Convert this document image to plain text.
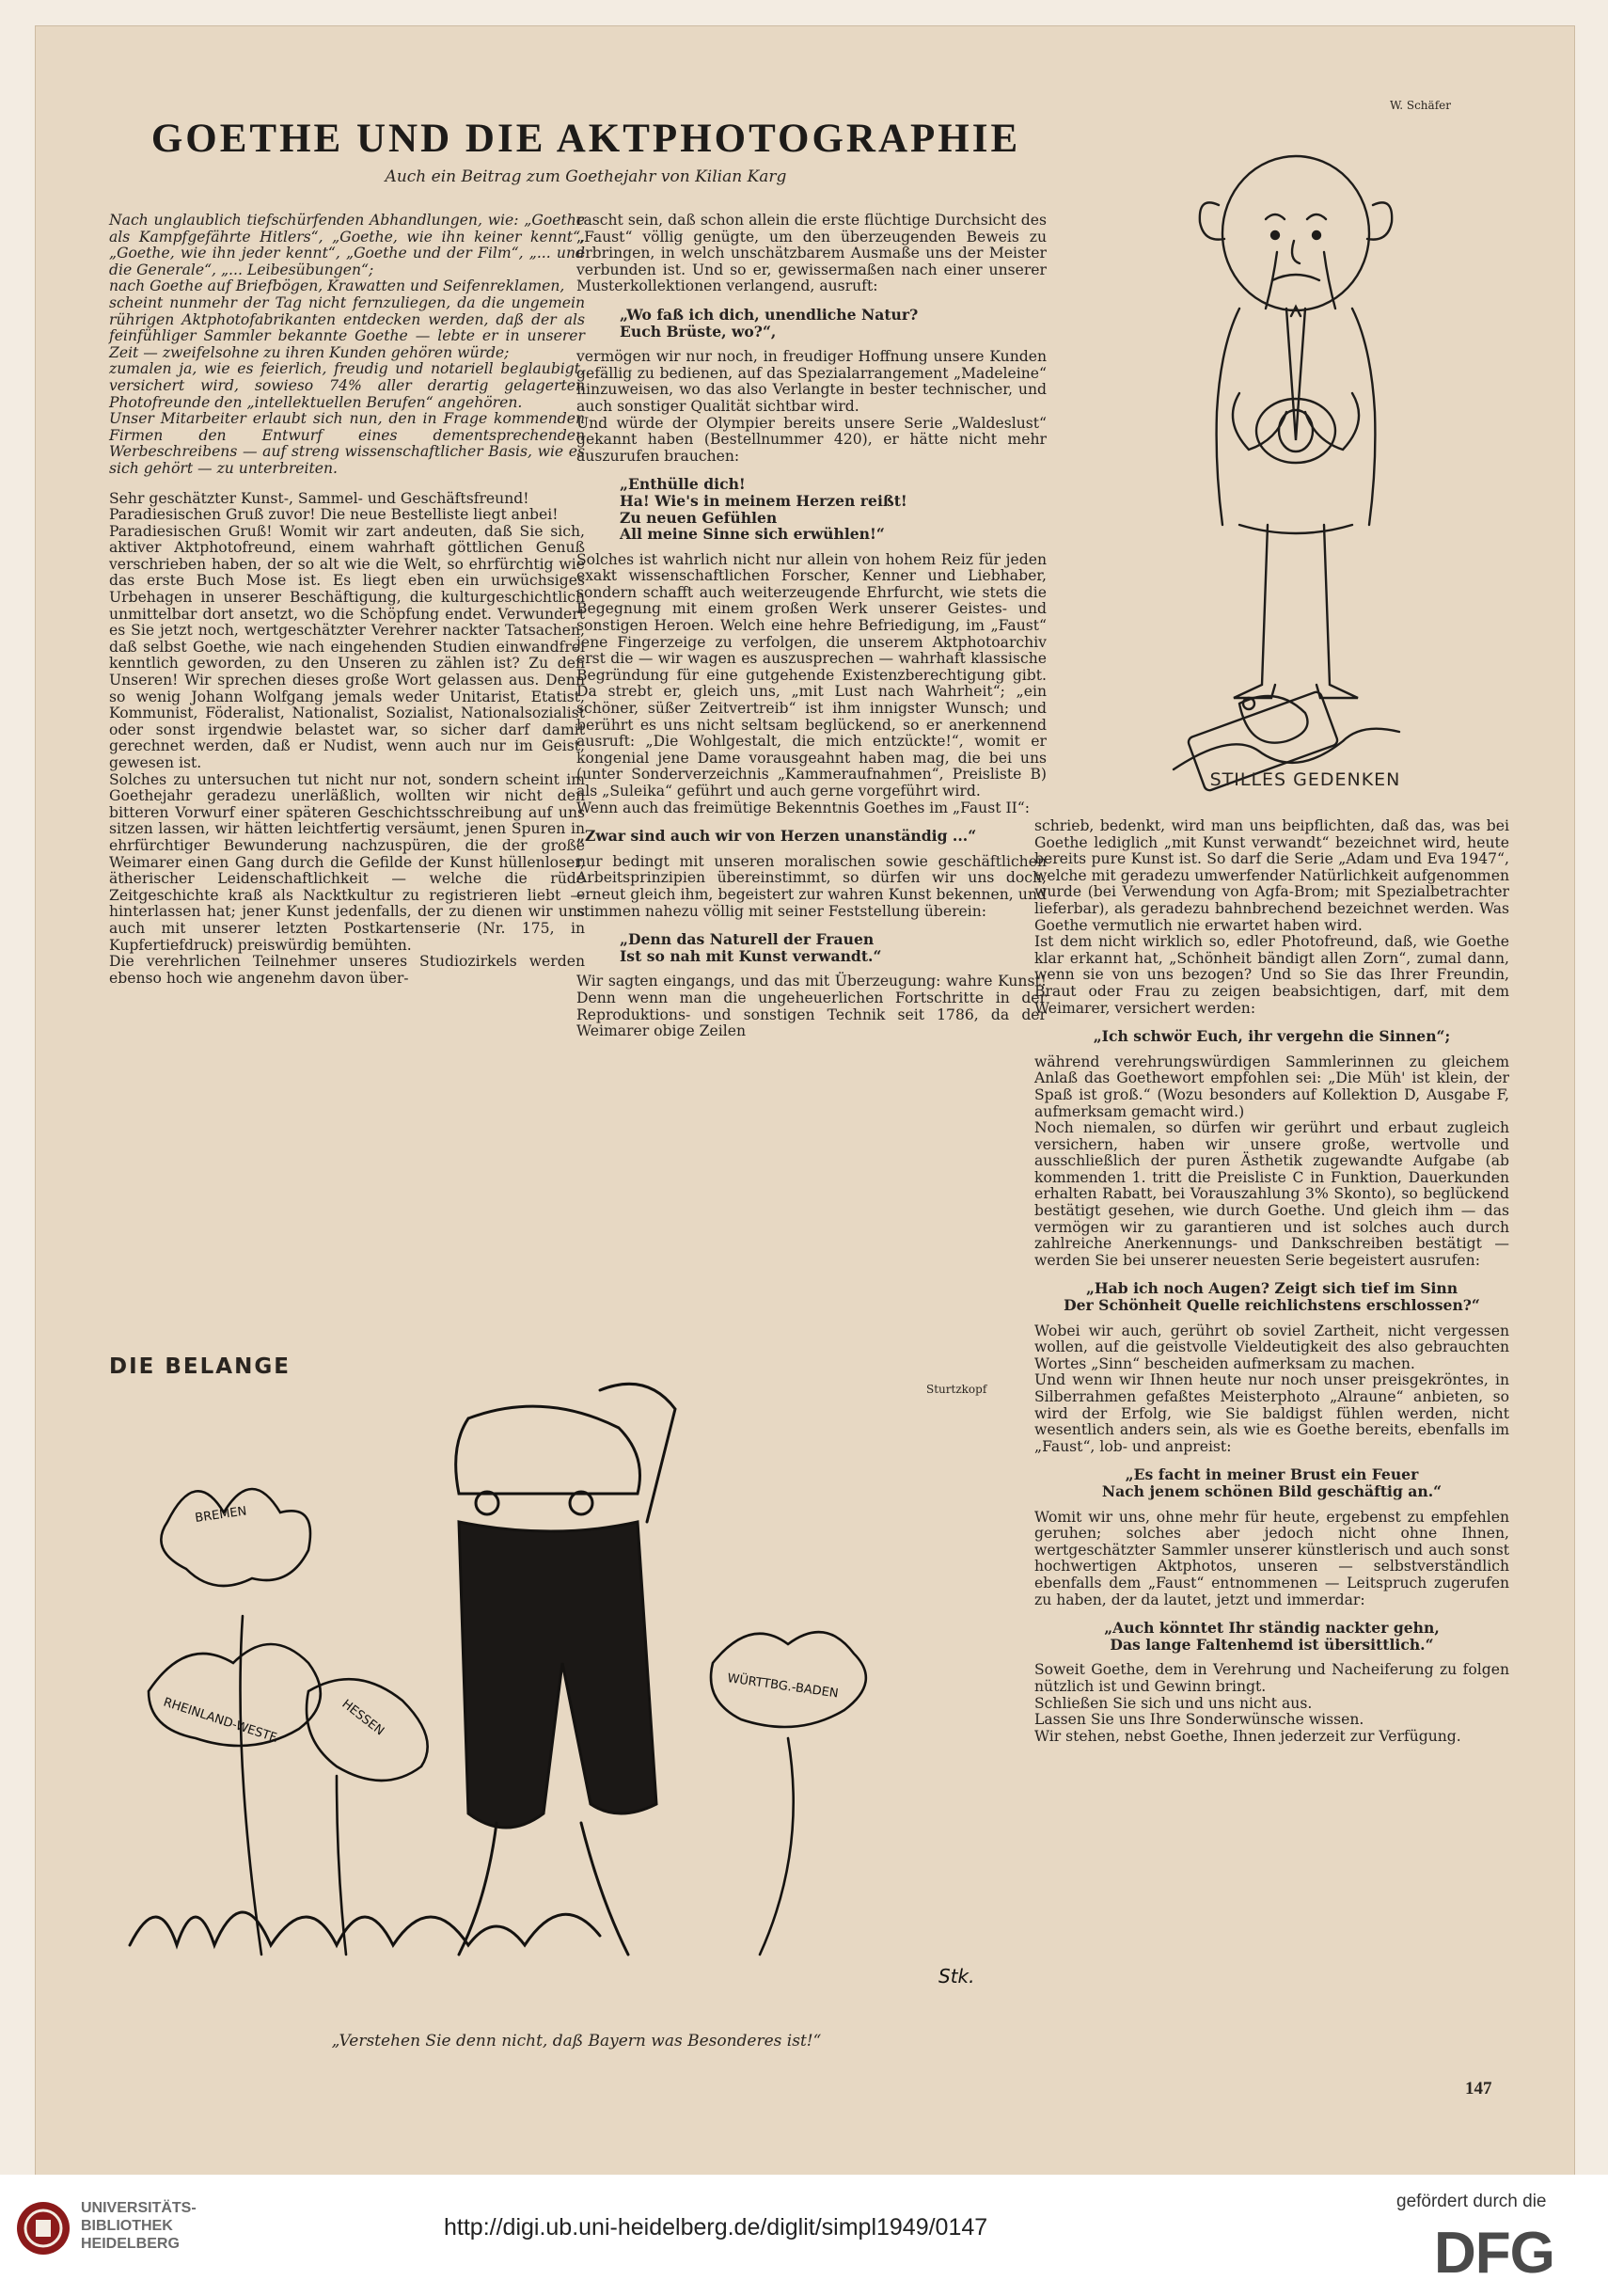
GOETHE UND DIE AKTPHOTOGRAPHIE
Auch ein Beitrag zum Goethejahr von Kilian Karg

Nach unglaublich tiefschürfenden Abhandlungen, wie: „Goethe als Kampfgefährte Hitlers“, „Goethe, wie ihn keiner kennt“, „Goethe, wie ihn jeder kennt“, „Goethe und der Film“, „... und die Generale“, „... Leibesübungen“;

nach Goethe auf Briefbögen, Krawatten und Seifenreklamen,

scheint nunmehr der Tag nicht fernzuliegen, da die ungemein rührigen Aktphotofabrikanten entdecken werden, daß der als feinfühliger Sammler bekannte Goethe — lebte er in unserer Zeit — zweifelsohne zu ihren Kunden gehören würde;

zumalen ja, wie es feierlich, freudig und notariell beglaubigt, versichert wird, sowieso 74% aller derartig gelagerten Photofreunde den „intellektuellen Berufen“ angehören.

Unser Mitarbeiter erlaubt sich nun, den in Frage kommenden Firmen den Entwurf eines dementsprechenden Werbeschreibens — auf streng wissenschaftlicher Basis, wie es sich gehört — zu unterbreiten.

Sehr geschätzter Kunst-, Sammel- und Geschäftsfreund!

Paradiesischen Gruß zuvor! Die neue Bestelliste liegt anbei!

Paradiesischen Gruß! Womit wir zart andeuten, daß Sie sich, aktiver Aktphotofreund, einem wahrhaft göttlichen Genuß verschrieben haben, der so alt wie die Welt, so ehrfürchtig wie das erste Buch Mose ist. Es liegt eben ein urwüchsiges Urbehagen in unserer Beschäftigung, die kulturgeschichtlich unmittelbar dort ansetzt, wo die Schöpfung endet. Verwundert es Sie jetzt noch, wertgeschätzter Verehrer nackter Tatsachen, daß selbst Goethe, wie nach eingehenden Studien einwandfrei kenntlich geworden, zu den Unseren zu zählen ist? Zu den Unseren! Wir sprechen dieses große Wort gelassen aus. Denn so wenig Johann Wolfgang jemals weder Unitarist, Etatist, Kommunist, Föderalist, Nationalist, Sozialist, Nationalsozialist oder sonst irgendwie belastet war, so sicher darf damit gerechnet werden, daß er Nudist, wenn auch nur im Geist, gewesen ist.

Solches zu untersuchen tut nicht nur not, sondern scheint im Goethejahr geradezu unerläßlich, wollten wir nicht den bitteren Vorwurf einer späteren Geschichtsschreibung auf uns sitzen lassen, wir hätten leichtfertig versäumt, jenen Spuren in ehrfürchtiger Bewunderung nachzuspüren, die der große Weimarer einen Gang durch die Gefilde der Kunst hüllenloser, ätherischer Leidenschaftlichkeit — welche die rüde Zeitgeschichte kraß als Nacktkultur zu registrieren liebt — hinterlassen hat; jener Kunst jedenfalls, der zu dienen wir uns auch mit unserer letzten Postkartenserie (Nr. 175, in Kupfertiefdruck) preiswürdig bemühten.

Die verehrlichen Teilnehmer unseres Studiozirkels werden ebenso hoch wie angenehm davon über-

rascht sein, daß schon allein die erste flüchtige Durchsicht des „Faust“ völlig genügte, um den überzeugenden Beweis zu erbringen, in welch unschätzbarem Ausmaße uns der Meister verbunden ist. Und so er, gewissermaßen nach einer unserer Musterkollektionen verlangend, ausruft:

„Wo faß ich dich, unendliche Natur?
Euch Brüste, wo?“,

vermögen wir nur noch, in freudiger Hoffnung unsere Kunden gefällig zu bedienen, auf das Spezialarrangement „Madeleine“ hinzuweisen, wo das also Verlangte in bester technischer, und auch sonstiger Qualität sichtbar wird.

Und würde der Olympier bereits unsere Serie „Waldeslust“ gekannt haben (Bestellnummer 420), er hätte nicht mehr auszurufen brauchen:

„Enthülle dich!
Ha! Wie's in meinem Herzen reißt!
Zu neuen Gefühlen
All meine Sinne sich erwühlen!“

Solches ist wahrlich nicht nur allein von hohem Reiz für jeden exakt wissenschaftlichen Forscher, Kenner und Liebhaber, sondern schafft auch weiterzeugende Ehrfurcht, wie stets die Begegnung mit einem großen Werk unserer Geistes- und sonstigen Heroen. Welch eine hehre Befriedigung, im „Faust“ jene Fingerzeige zu verfolgen, die unserem Aktphotoarchiv erst die — wir wagen es auszusprechen — wahrhaft klassische Begründung für eine gutgehende Existenzberechtigung gibt. Da strebt er, gleich uns, „mit Lust nach Wahrheit“; „ein schöner, süßer Zeitvertreib“ ist ihm innigster Wunsch; und berührt es uns nicht seltsam beglückend, so er anerkennend ausruft: „Die Wohlgestalt, die mich entzückte!“, womit er kongenial jene Dame vorausgeahnt haben mag, die bei uns (unter Sonderverzeichnis „Kammeraufnahmen“, Preisliste B) als „Suleika“ geführt und auch gerne vorgeführt wird.

Wenn auch das freimütige Bekenntnis Goethes im „Faust II“:

„Zwar sind auch wir von Herzen unanständig ...“

nur bedingt mit unseren moralischen sowie geschäftlichen Arbeitsprinzipien übereinstimmt, so dürfen wir uns doch, erneut gleich ihm, begeistert zur wahren Kunst bekennen, und stimmen nahezu völlig mit seiner Feststellung überein:

„Denn das Naturell der Frauen
Ist so nah mit Kunst verwandt.“

Wir sagten eingangs, und das mit Überzeugung: wahre Kunst! Denn wenn man die ungeheuerlichen Fortschritte in der Reproduktions- und sonstigen Technik seit 1786, da der Weimarer obige Zeilen

W. Schäfer
STILLES GEDENKEN

schrieb, bedenkt, wird man uns beipflichten, daß das, was bei Goethe lediglich „mit Kunst verwandt“ bezeichnet wird, heute bereits pure Kunst ist. So darf die Serie „Adam und Eva 1947“, welche mit geradezu umwerfender Natürlichkeit aufgenommen wurde (bei Verwendung von Agfa-Brom; mit Spezialbetrachter lieferbar), als geradezu bahnbrechend bezeichnet werden. Was Goethe vermutlich nie erwartet haben wird.

Ist dem nicht wirklich so, edler Photofreund, daß, wie Goethe klar erkannt hat, „Schönheit bändigt allen Zorn“, zumal dann, wenn sie von uns bezogen? Und so Sie das Ihrer Freundin, Braut oder Frau zu zeigen beabsichtigen, darf, mit dem Weimarer, versichert werden:

„Ich schwör Euch, ihr vergehn die Sinnen“;

während verehrungswürdigen Sammlerinnen zu gleichem Anlaß das Goethewort empfohlen sei: „Die Müh' ist klein, der Spaß ist groß.“ (Wozu besonders auf Kollektion D, Ausgabe F, aufmerksam gemacht wird.)

Noch niemalen, so dürfen wir gerührt und erbaut zugleich versichern, haben wir unsere große, wertvolle und ausschließlich der puren Ästhetik zugewandte Aufgabe (ab kommenden 1. tritt die Preisliste C in Funktion, Dauerkunden erhalten Rabatt, bei Vorauszahlung 3% Skonto), so beglückend bestätigt gesehen, wie durch Goethe. Und gleich ihm — das vermögen wir zu garantieren und ist solches auch durch zahlreiche Anerkennungs- und Dankschreiben bestätigt — werden Sie bei unserer neuesten Serie begeistert ausrufen:

„Hab ich noch Augen? Zeigt sich tief im Sinn
Der Schönheit Quelle reichlichstens erschlossen?“

Wobei wir auch, gerührt ob soviel Zartheit, nicht vergessen wollen, auf die geistvolle Vieldeutigkeit des also gebrauchten Wortes „Sinn“ bescheiden aufmerksam zu machen.

Und wenn wir Ihnen heute nur noch unser preisgekröntes, in Silberrahmen gefaßtes Meisterphoto „Alraune“ anbieten, so wird der Erfolg, wie Sie baldigst fühlen werden, nicht wesentlich anders sein, als wie es Goethe bereits, ebenfalls im „Faust“, lob- und anpreist:

„Es facht in meiner Brust ein Feuer
Nach jenem schönen Bild geschäftig an.“

Womit wir uns, ohne mehr für heute, ergebenst zu empfehlen geruhen; solches aber jedoch nicht ohne Ihnen, wertgeschätzter Sammler unserer künstlerisch und auch sonst hochwertigen Aktphotos, unseren — selbstverständlich ebenfalls dem „Faust“ entnommenen — Leitspruch zugerufen zu haben, der da lautet, jetzt und immerdar:

„Auch könntet Ihr ständig nackter gehn,
Das lange Faltenhemd ist übersittlich.“

Soweit Goethe, dem in Verehrung und Nacheiferung zu folgen nützlich ist und Gewinn bringt.

Schließen Sie sich und uns nicht aus.

Lassen Sie uns Ihre Sonderwünsche wissen.

Wir stehen, nebst Goethe, Ihnen jederzeit zur Verfügung.

DIE BELANGE
Sturtzkopf
BREMEN
RHEINLAND-WESTF.	HESSEN
WÜRTTBG.-BADEN
Stk.
„Verstehen Sie denn nicht, daß Bayern was Besonderes ist!“
147
UNIVERSITÄTS-
BIBLIOTHEK
HEIDELBERG
http://digi.ub.uni-heidelberg.de/diglit/simpl1949/0147
gefördert durch die
DFG
